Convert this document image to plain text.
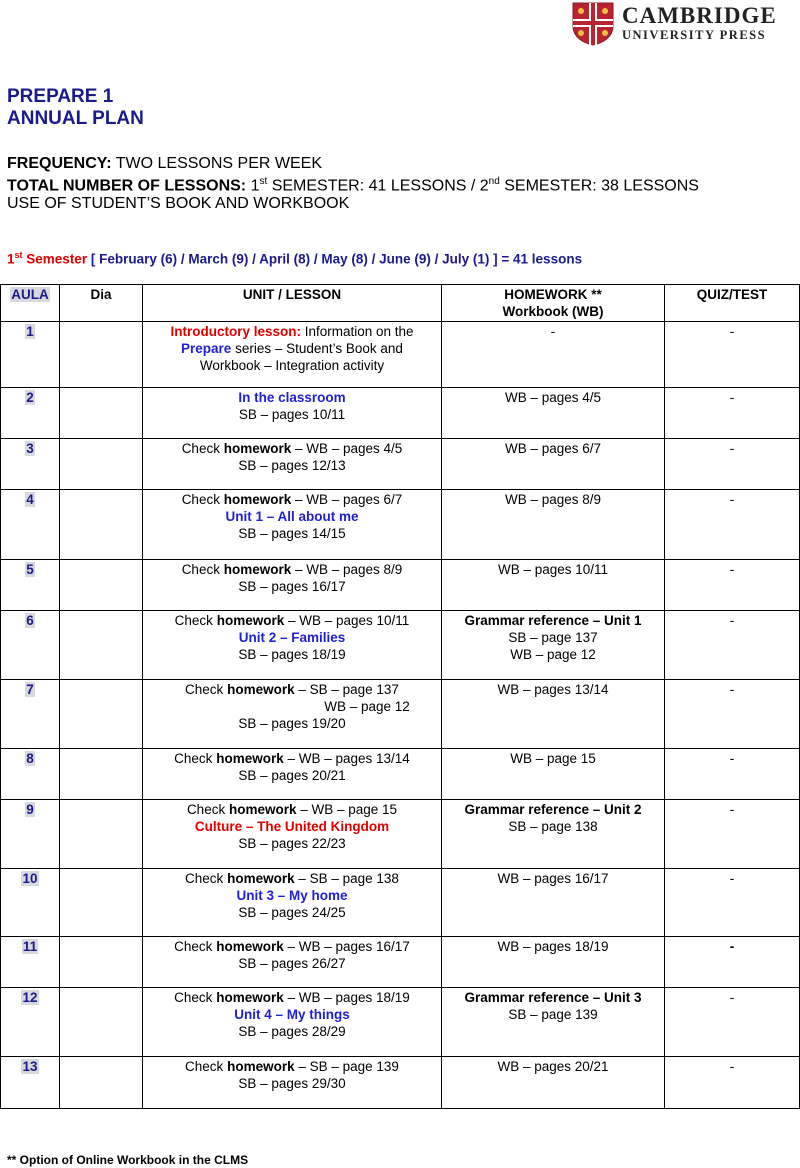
CAMBRIDGE
UNIVERSITY PRESS
PREPARE 1
ANNUAL PLAN
FREQUENCY: TWO LESSONS PER WEEK
TOTAL NUMBER OF LESSONS: 1st SEMESTER: 41 LESSONS / 2nd SEMESTER: 38 LESSONS
USE OF STUDENT’S BOOK AND WORKBOOK
1st Semester [ February (6) / March (9) / April (8) / May (8) / June (9) / July (1) ] = 41 lessons
AULA	Dia	UNIT / LESSON	HOMEWORK **
Workbook (WB)	QUIZ/TEST
1		Introductory lesson: Information on the
Prepare series – Student’s Book and
Workbook – Integration activity	-	-
2		In the classroom
SB – pages 10/11	WB – pages 4/5	-
3		Check homework – WB – pages 4/5
SB – pages 12/13	WB – pages 6/7	-
4		Check homework – WB – pages 6/7
Unit 1 – All about me
SB – pages 14/15	WB – pages 8/9	-
5		Check homework – WB – pages 8/9
SB – pages 16/17	WB – pages 10/11	-
6		Check homework – WB – pages 10/11
Unit 2 – Families
SB – pages 18/19	Grammar reference – Unit 1
SB – page 137
WB – page 12	-
7		Check homework – SB – page 137

WB – page 12
SB – pages 19/20	WB – pages 13/14	-
8		Check homework – WB – pages 13/14
SB – pages 20/21	WB – page 15	-
9		Check homework – WB – page 15
Culture – The United Kingdom
SB – pages 22/23	Grammar reference – Unit 2
SB – page 138	-
10		Check homework – SB – page 138
Unit 3 – My home
SB – pages 24/25	WB – pages 16/17	-
11		Check homework – WB – pages 16/17
SB – pages 26/27	WB – pages 18/19	-
12		Check homework – WB – pages 18/19
Unit 4 – My things
SB – pages 28/29	Grammar reference – Unit 3
SB – page 139	-
13		Check homework – SB – page 139
SB – pages 29/30	WB – pages 20/21	-
** Option of Online Workbook in the CLMS
